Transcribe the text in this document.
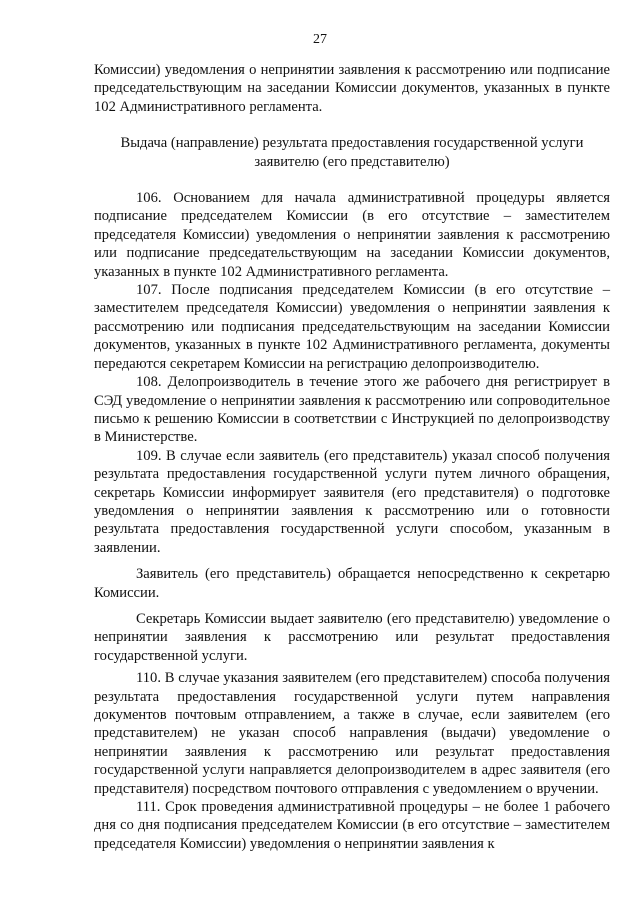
27

Комиссии) уведомления о непринятии заявления к рассмотрению или подписание председательствующим на заседании Комиссии документов, указанных в пункте 102 Административного регламента.

Выдача (направление) результата предоставления государственной услуги заявителю (его представителю)

106. Основанием для начала административной процедуры является подписание председателем Комиссии (в его отсутствие – заместителем председателя Комиссии) уведомления о непринятии заявления к рассмотрению или подписание председательствующим на заседании Комиссии документов, указанных в пункте 102 Административного регламента.

107. После подписания председателем Комиссии (в его отсутствие – заместителем председателя Комиссии) уведомления о непринятии заявления к рассмотрению или подписания председательствующим на заседании Комиссии документов, указанных в пункте 102 Административного регламента, документы передаются секретарем Комиссии на регистрацию делопроизводителю.

108. Делопроизводитель в течение этого же рабочего дня регистрирует в СЭД уведомление о непринятии заявления к рассмотрению или сопроводительное письмо к решению Комиссии в соответствии с Инструкцией по делопроизводству в Министерстве.

109. В случае если заявитель (его представитель) указал способ получения результата предоставления государственной услуги путем личного обращения, секретарь Комиссии информирует заявителя (его представителя) о подготовке уведомления о непринятии заявления к рассмотрению или о готовности результата предоставления государственной услуги способом, указанным в заявлении.

Заявитель (его представитель) обращается непосредственно к секретарю Комиссии.

Секретарь Комиссии выдает заявителю (его представителю) уведомление о непринятии заявления к рассмотрению или результат предоставления государственной услуги.

110. В случае указания заявителем (его представителем) способа получения результата предоставления государственной услуги путем направления документов почтовым отправлением, а также в случае, если заявителем (его представителем) не указан способ направления (выдачи) уведомление о непринятии заявления к рассмотрению или результат предоставления государственной услуги направляется делопроизводителем в адрес заявителя (его представителя) посредством почтового отправления с уведомлением о вручении.

111. Срок проведения административной процедуры – не более 1 рабочего дня со дня подписания председателем Комиссии (в его отсутствие – заместителем председателя Комиссии) уведомления о непринятии заявления к
